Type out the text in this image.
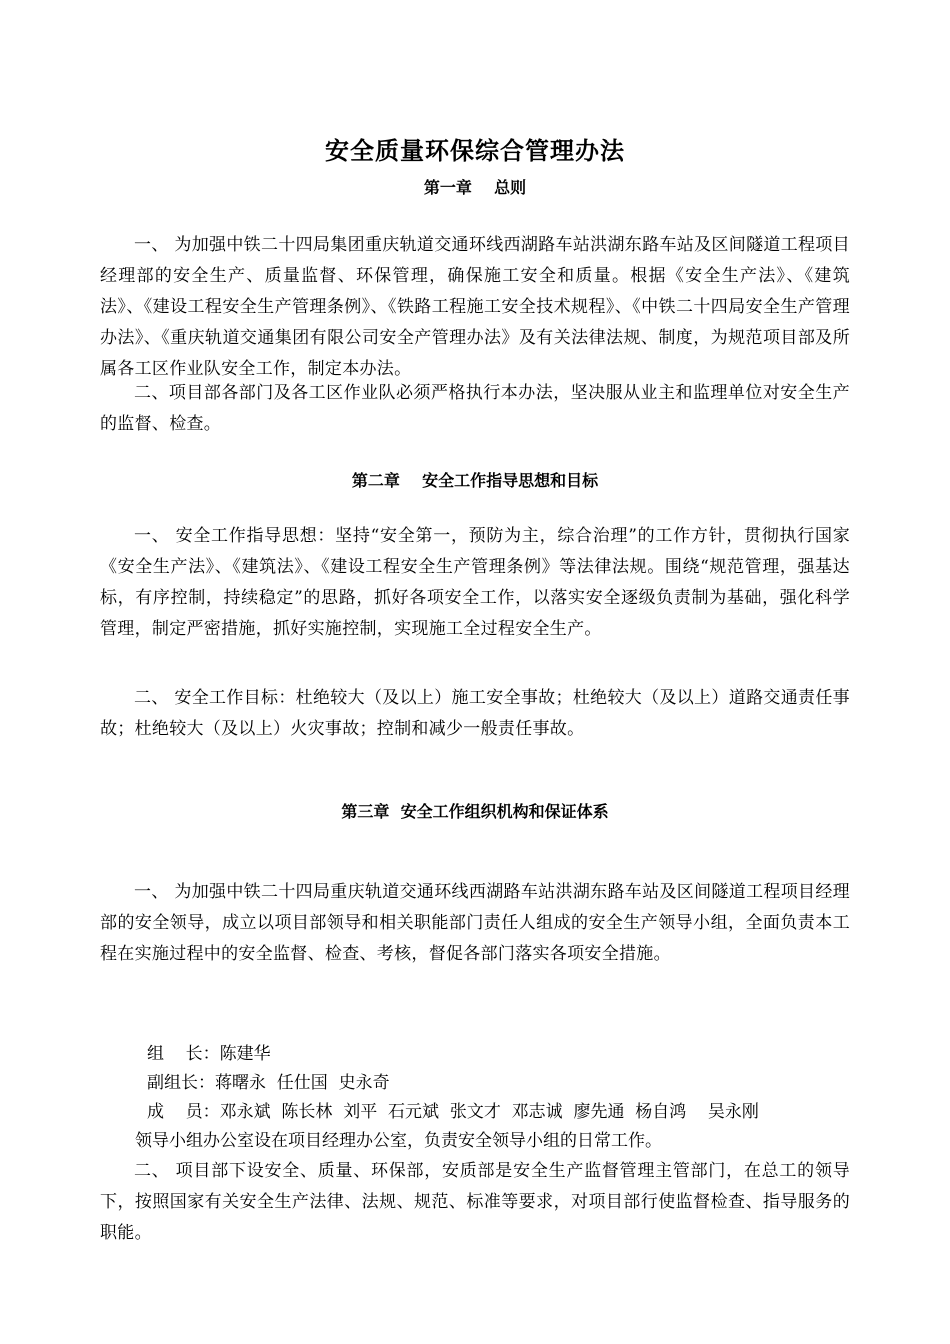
安全质量环保综合管理办法
第一章    总则
一、 为加强中铁二十四局集团重庆轨道交通环线西湖路车站洪湖东路车站及区间隧道工程项目经理部的安全生产、质量监督、环保管理，确保施工安全和质量。根据《安全生产法》、《建筑法》、《建设工程安全生产管理条例》、《铁路工程施工安全技术规程》、《中铁二十四局安全生产管理办法》、《重庆轨道交通集团有限公司安全产管理办法》及有关法律法规、制度，为规范项目部及所属各工区作业队安全工作，制定本办法。
二、项目部各部门及各工区作业队必须严格执行本办法，坚决服从业主和监理单位对安全生产的监督、检查。
第二章    安全工作指导思想和目标
一、 安全工作指导思想：坚持“安全第一，预防为主，综合治理”的工作方针，贯彻执行国家《安全生产法》、《建筑法》、《建设工程安全生产管理条例》等法律法规。围绕“规范管理，强基达标，有序控制，持续稳定”的思路，抓好各项安全工作，以落实安全逐级负责制为基础，强化科学管理，制定严密措施，抓好实施控制，实现施工全过程安全生产。
二、 安全工作目标：杜绝较大（及以上）施工安全事故；杜绝较大（及以上）道路交通责任事故；杜绝较大（及以上）火灾事故；控制和减少一般责任事故。
第三章  安全工作组织机构和保证体系
一、 为加强中铁二十四局重庆轨道交通环线西湖路车站洪湖东路车站及区间隧道工程项目经理部的安全领导，成立以项目部领导和相关职能部门责任人组成的安全生产领导小组，全面负责本工程在实施过程中的安全监督、检查、考核，督促各部门落实各项安全措施。
组    长：陈建华
副组长：蒋曙永  任仕国  史永奇
成    员：邓永斌  陈长林  刘平  石元斌  张文才  邓志诚  廖先通  杨自鸿    吴永刚
领导小组办公室设在项目经理办公室，负责安全领导小组的日常工作。
二、 项目部下设安全、质量、环保部，安质部是安全生产监督管理主管部门，在总工的领导下，按照国家有关安全生产法律、法规、规范、标准等要求，对项目部行使监督检查、指导服务的职能。
